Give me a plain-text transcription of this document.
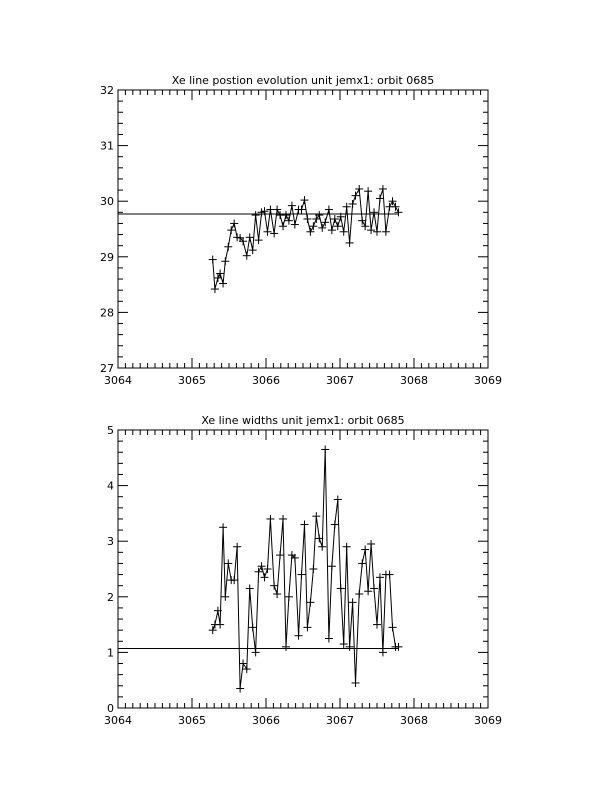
Xe line postion evolution unit jemx1: orbit 0685
3064	3065	3066	3067	3068	3069
27
28
29
30
31
32
Xe line widths unit jemx1: orbit 0685
3064	3065	3066	3067	3068	3069
0
1
2
3
4
5
